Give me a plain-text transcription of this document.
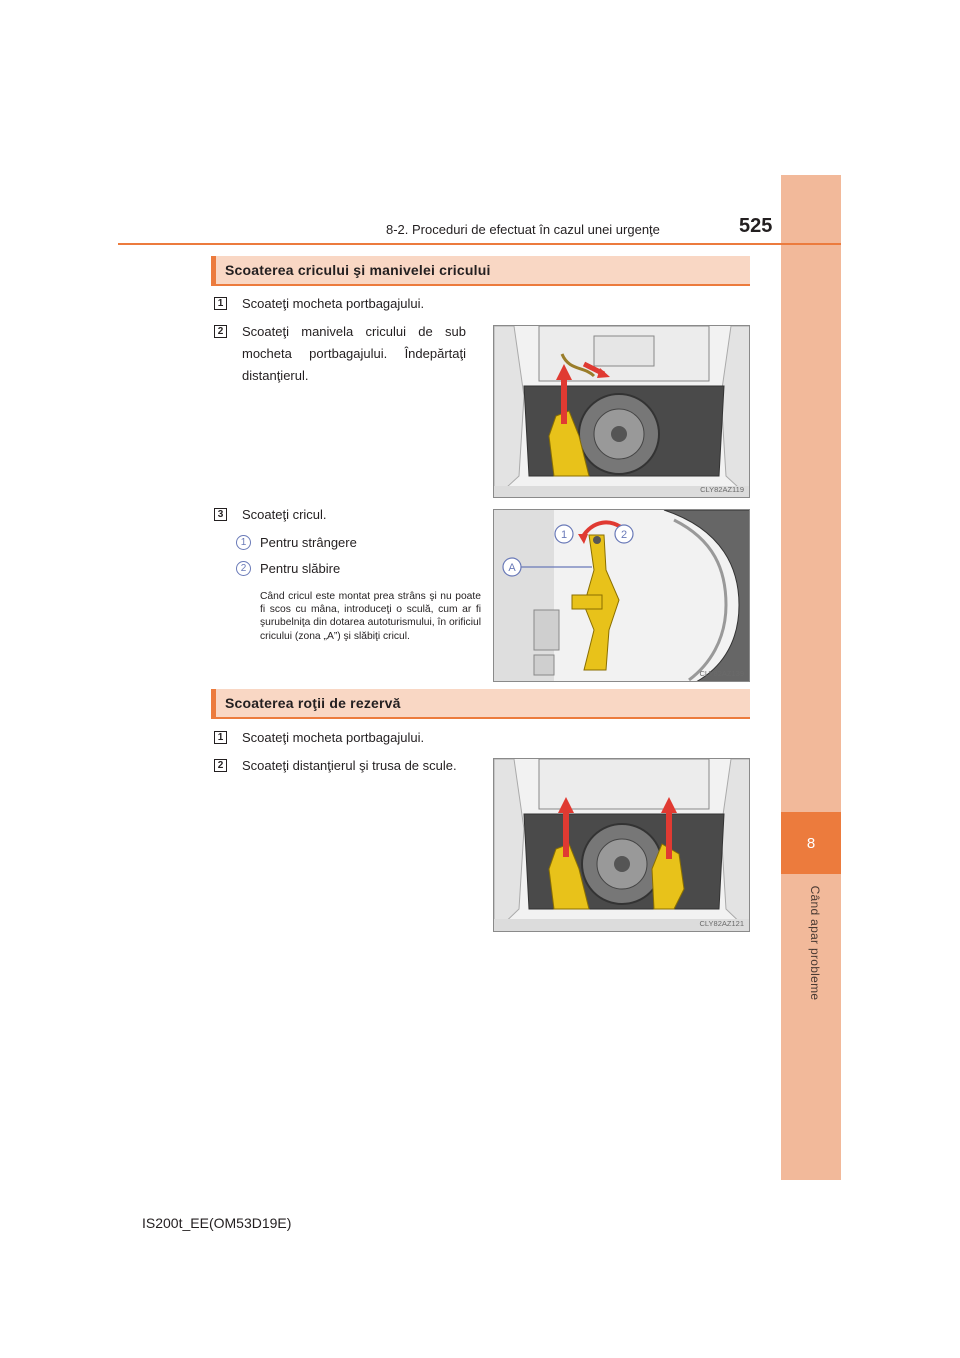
8
Când apar probleme
8-2. Proceduri de efectuat în cazul unei urgenţe	525
Scoaterea cricului şi manivelei cricului
1 Scoateţi mocheta portbagajului.
2 Scoateţi manivela cricului de sub mocheta portbagajului. Îndepărtaţi distanţierul.
3 Scoateţi cricul.
1	Pentru strângere
2	Pentru slăbire
Când cricul este montat prea strâns şi nu poate fi scos cu mâna, introduceţi o sculă, cum ar fi şurubelniţa din dotarea autoturismului, în orificiul cricului (zona „A”) şi slăbiţi cricul.
CLY82AZ119
1	2
A
CLY82AZ139
Scoaterea roţii de rezervă
1 Scoateţi mocheta portbagajului.
2 Scoateţi distanţierul şi trusa de scule.
CLY82AZ121
IS200t_EE(OM53D19E)
